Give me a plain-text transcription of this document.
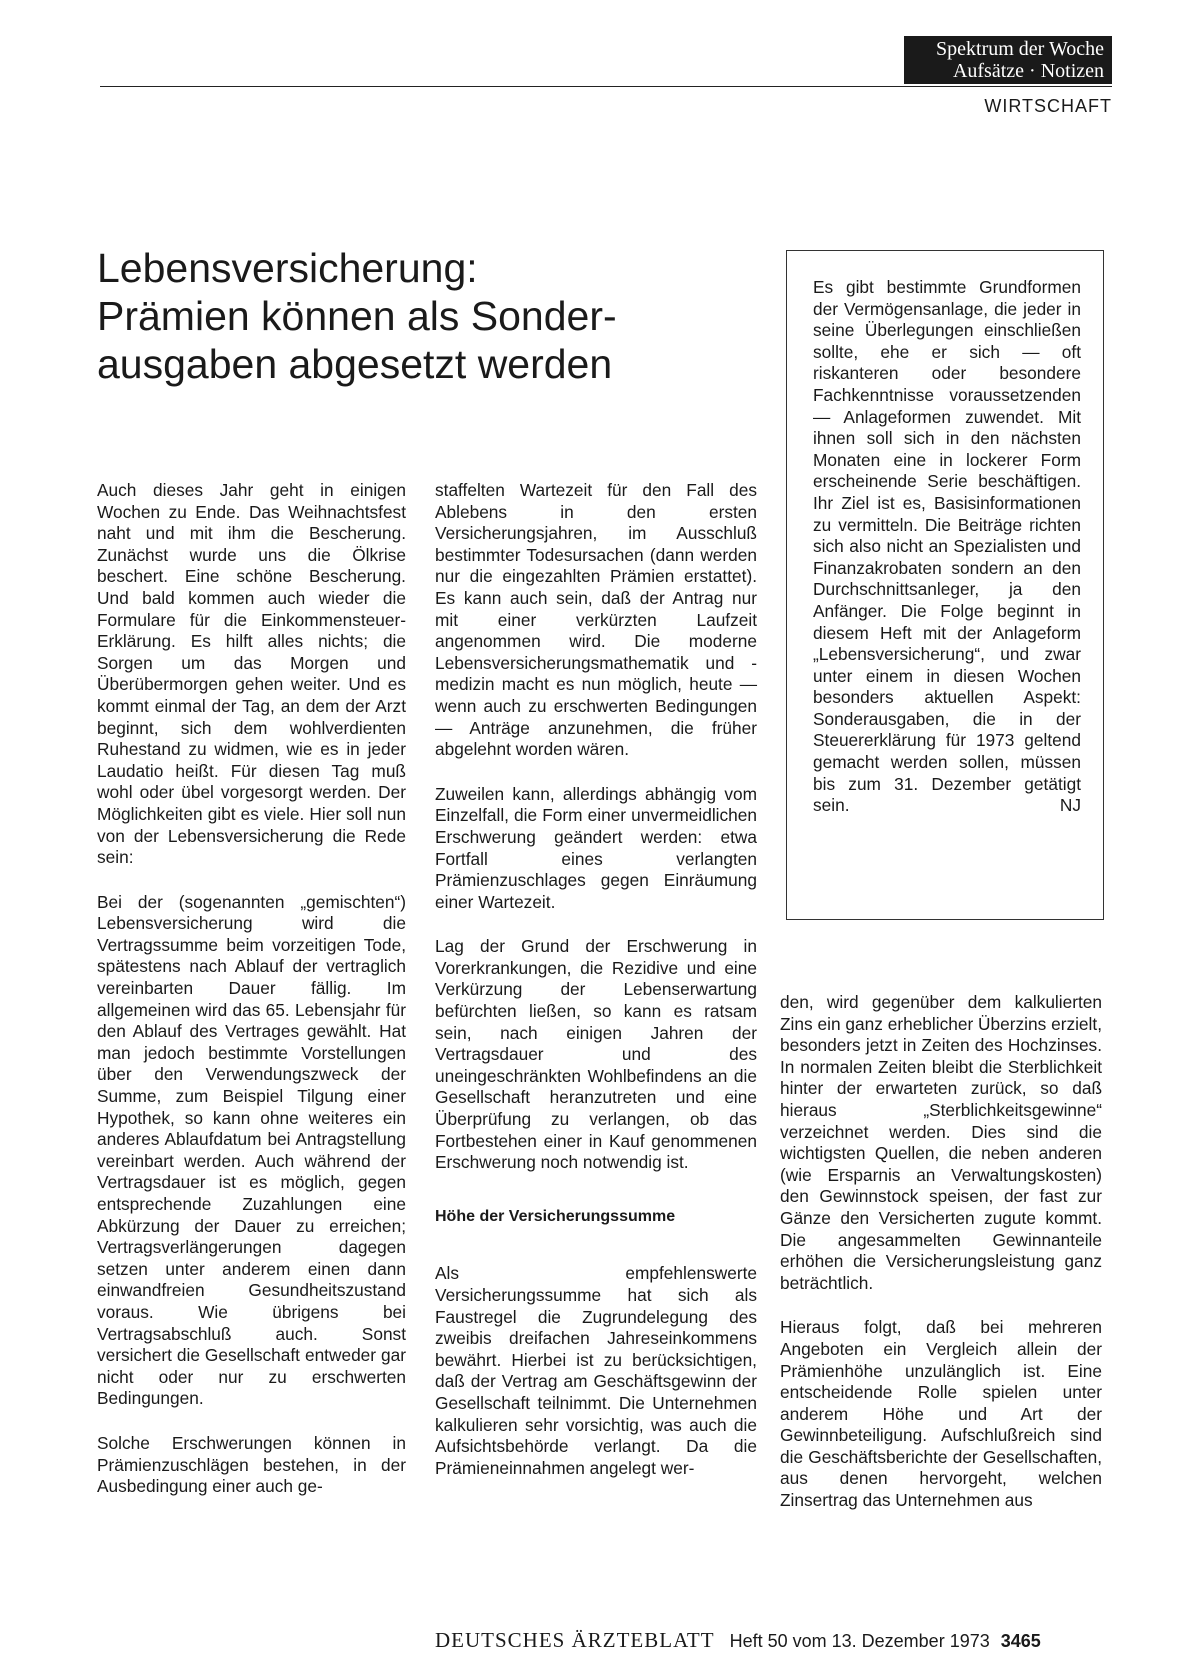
Spektrum der Woche
Aufsätze · Notizen
WIRTSCHAFT
Lebensversicherung:
Prämien können als Sonder-
ausgaben abgesetzt werden

Es gibt bestimmte Grundformen der Vermögensanlage, die jeder in seine Überlegungen einschließen sollte, ehe er sich — oft riskanteren oder besondere Fachkenntnisse voraussetzenden — Anlageformen zuwendet. Mit ihnen soll sich in den nächsten Monaten eine in lockerer Form erscheinende Serie beschäftigen. Ihr Ziel ist es, Basisinformationen zu vermitteln. Die Beiträge richten sich also nicht an Spezialisten und Finanzakrobaten sondern an den Durchschnittsanleger, ja den Anfänger. Die Folge beginnt in diesem Heft mit der Anlageform „Lebensversicherung“, und zwar unter einem in diesen Wochen besonders aktuellen Aspekt: Sonderausgaben, die in der Steuererklärung für 1973 geltend gemacht werden sollen, müssen bis zum 31. Dezember getätigt sein.	NJ

Auch dieses Jahr geht in einigen Wochen zu Ende. Das Weihnachtsfest naht und mit ihm die Bescherung. Zunächst wurde uns die Ölkrise beschert. Eine schöne Bescherung. Und bald kommen auch wieder die Formulare für die Einkommensteuer-Erklärung. Es hilft alles nichts; die Sorgen um das Morgen und Überübermorgen gehen weiter. Und es kommt einmal der Tag, an dem der Arzt beginnt, sich dem wohlverdienten Ruhestand zu widmen, wie es in jeder Laudatio heißt. Für diesen Tag muß wohl oder übel vorgesorgt werden. Der Möglichkeiten gibt es viele. Hier soll nun von der Lebensversicherung die Rede sein:

Bei der (sogenannten „gemischten“) Lebensversicherung wird die Vertragssumme beim vorzeitigen Tode, spätestens nach Ablauf der vertraglich vereinbarten Dauer fällig. Im allgemeinen wird das 65. Lebensjahr für den Ablauf des Vertrages gewählt. Hat man jedoch bestimmte Vorstellungen über den Verwendungszweck der Summe, zum Beispiel Tilgung einer Hypothek, so kann ohne weiteres ein anderes Ablaufdatum bei Antragstellung vereinbart werden. Auch während der Vertragsdauer ist es möglich, gegen entsprechende Zuzahlungen eine Abkürzung der Dauer zu erreichen; Vertragsverlängerungen dagegen setzen unter anderem einen dann einwandfreien Gesundheitszustand voraus. Wie übrigens bei Vertragsabschluß auch. Sonst versichert die Gesellschaft entweder gar nicht oder nur zu erschwerten Bedingungen.

Solche Erschwerungen können in Prämienzuschlägen bestehen, in der Ausbedingung einer auch ge-

staffelten Wartezeit für den Fall des Ablebens in den ersten Versicherungsjahren, im Ausschluß bestimmter Todesursachen (dann werden nur die eingezahlten Prämien erstattet). Es kann auch sein, daß der Antrag nur mit einer verkürzten Laufzeit angenommen wird. Die moderne Lebensversicherungsmathematik und -medizin macht es nun möglich, heute — wenn auch zu erschwerten Bedingungen — Anträge anzunehmen, die früher abgelehnt worden wären.

Zuweilen kann, allerdings abhängig vom Einzelfall, die Form einer unvermeidlichen Erschwerung geändert werden: etwa Fortfall eines verlangten Prämienzuschlages gegen Einräumung einer Wartezeit.

Lag der Grund der Erschwerung in Vorerkrankungen, die Rezidive und eine Verkürzung der Lebenserwartung befürchten ließen, so kann es ratsam sein, nach einigen Jahren der Vertragsdauer und des uneingeschränkten Wohlbefindens an die Gesellschaft heranzutreten und eine Überprüfung zu verlangen, ob das Fortbestehen einer in Kauf genommenen Erschwerung noch notwendig ist.

Höhe der Versicherungssumme

Als empfehlenswerte Versicherungssumme hat sich als Faustregel die Zugrundelegung des zweibis dreifachen Jahreseinkommens bewährt. Hierbei ist zu berücksichtigen, daß der Vertrag am Geschäftsgewinn der Gesellschaft teilnimmt. Die Unternehmen kalkulieren sehr vorsichtig, was auch die Aufsichtsbehörde verlangt. Da die Prämieneinnahmen angelegt wer-

den, wird gegenüber dem kalkulierten Zins ein ganz erheblicher Überzins erzielt, besonders jetzt in Zeiten des Hochzinses. In normalen Zeiten bleibt die Sterblichkeit hinter der erwarteten zurück, so daß hieraus „Sterblichkeitsgewinne“ verzeichnet werden. Dies sind die wichtigsten Quellen, die neben anderen (wie Ersparnis an Verwaltungskosten) den Gewinnstock speisen, der fast zur Gänze den Versicherten zugute kommt. Die angesammelten Gewinnanteile erhöhen die Versicherungsleistung ganz beträchtlich.

Hieraus folgt, daß bei mehreren Angeboten ein Vergleich allein der Prämienhöhe unzulänglich ist. Eine entscheidende Rolle spielen unter anderem Höhe und Art der Gewinnbeteiligung. Aufschlußreich sind die Geschäftsberichte der Gesellschaften, aus denen hervorgeht, welchen Zinsertrag das Unternehmen aus

DEUTSCHES ÄRZTEBLATT Heft 50 vom 13. Dezember 1973 3465
